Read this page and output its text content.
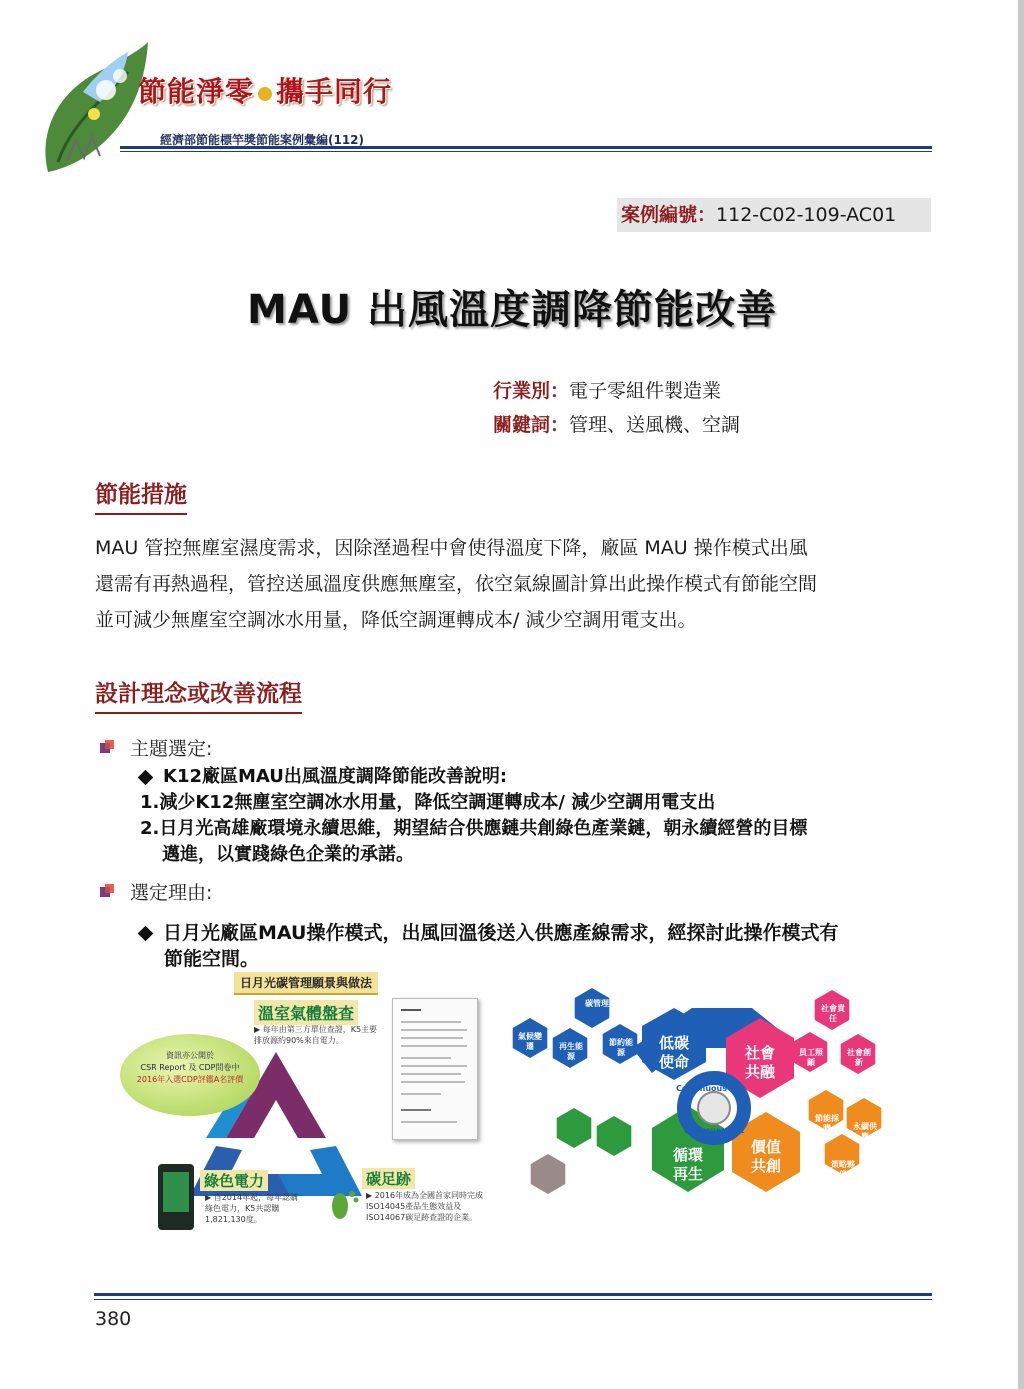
節能淨零 攜手同行
經濟部節能標竿獎節能案例彙編(112)
案例編號：112-C02-109-AC01
MAU 出風溫度調降節能改善
行業別：電子零組件製造業
關鍵詞：管理、送風機、空調
節能措施
MAU 管控無塵室濕度需求，因除溼過程中會使得溫度下降，廠區 MAU 操作模式出風
還需有再熱過程，管控送風溫度供應無塵室，依空氣線圖計算出此操作模式有節能空間
並可減少無塵室空調冰水用量，降低空調運轉成本/ 減少空調用電支出。
設計理念或改善流程
主題選定:
K12廠區MAU出風溫度調降節能改善說明:
1.減少K12無塵室空調冰水用量，降低空調運轉成本/ 減少空調用電支出
2.日月光高雄廠環境永續思維，期望結合供應鏈共創綠色產業鏈，朝永續經營的目標
邁進，以實踐綠色企業的承諾。
選定理由:
日月光廠區MAU操作模式，出風回溫後送入供應產線需求，經探討此操作模式有
節能空間。
日月光碳管理願景與做法
溫室氣體盤查
▶ 每年由第三方單位查證，K5主要排放源約90%來自電力。
資訊亦公開於
CSR Report 及 CDP問卷中
2016年入選CDP評鑑A名評價
綠色電力
▶ 自2014年起，每年認購綠色電力，K5共認購1,821,130度。
碳足跡
▶ 2016年成為全國首家同時完成ISO14045產品生態效益及ISO14067碳足跡查證的企業。
碳管理
氣候變遷	再生能源
節約能源
低碳使命
社會責任
社會共融
員工照顧
社會創新
Continuous
Improvement
循環設計	源頭減量
循環再生
減廢再利用
節能採購
價值共創
永續供應
策略夥伴
380
